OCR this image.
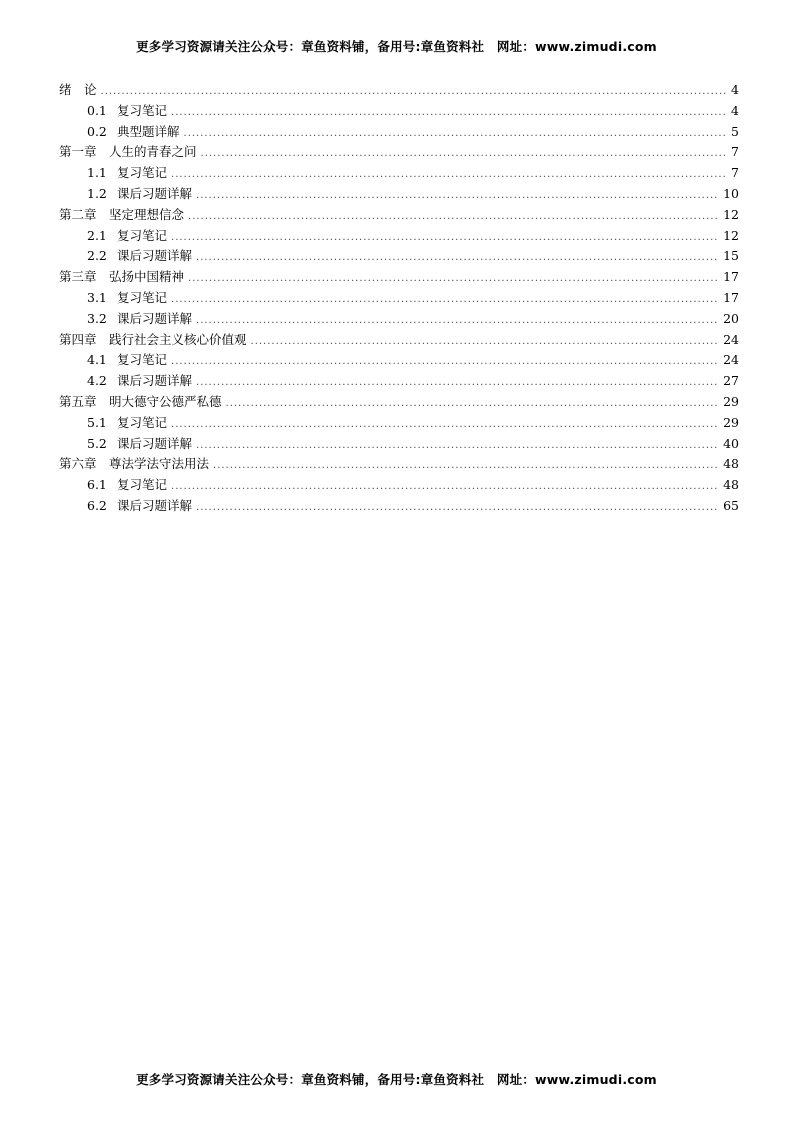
更多学习资源请关注公众号：章鱼资料铺，备用号:章鱼资料社　网址：www.zimudi.com
绪　论 .....	4
0.1 复习笔记 .....	4
0.2 典型题详解 .....	5
第一章　人生的青春之问 .....	7
1.1 复习笔记 .....	7
1.2 课后习题详解 .....	10
第二章　坚定理想信念 .....	12
2.1 复习笔记 .....	12
2.2 课后习题详解 .....	15
第三章　弘扬中国精神 .....	17
3.1 复习笔记 .....	17
3.2 课后习题详解 .....	20
第四章　践行社会主义核心价值观 .....	24
4.1 复习笔记 .....	24
4.2 课后习题详解 .....	27
第五章　明大德守公德严私德 .....	29
5.1 复习笔记 .....	29
5.2 课后习题详解 .....	40
第六章　尊法学法守法用法 .....	48
6.1 复习笔记 .....	48
6.2 课后习题详解 .....	65
更多学习资源请关注公众号：章鱼资料铺，备用号:章鱼资料社　网址：www.zimudi.com
